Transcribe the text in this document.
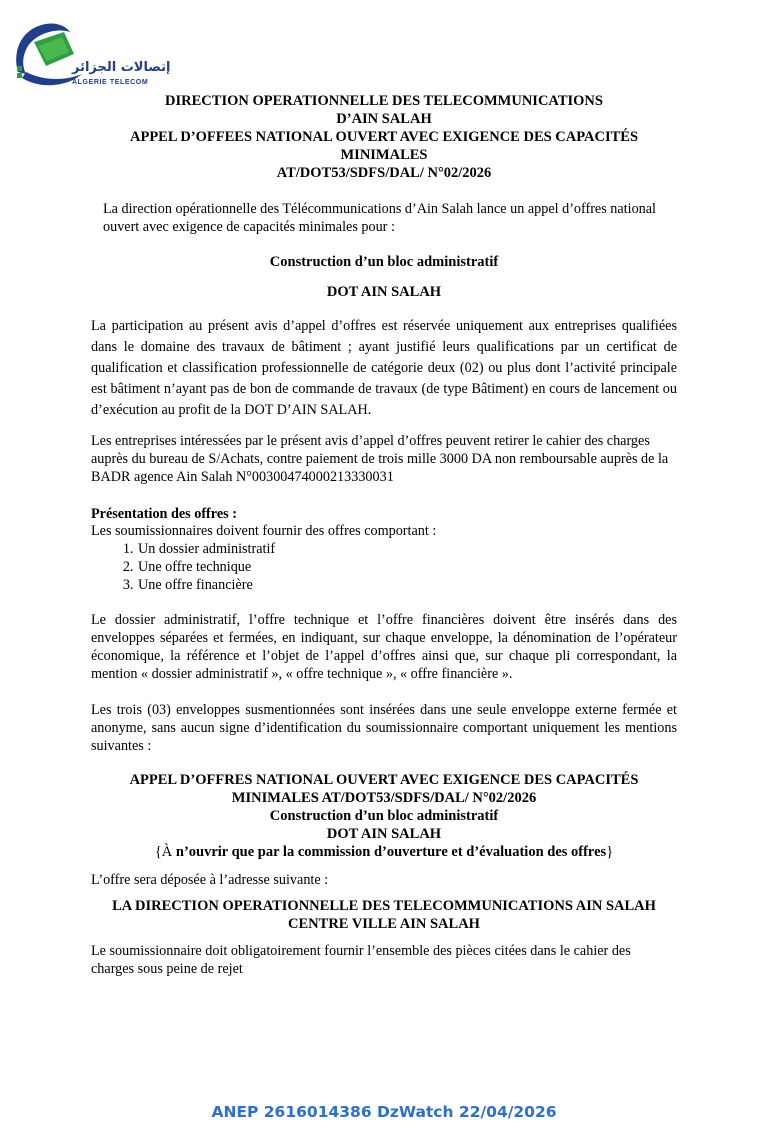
إتصالات الجزائر
ALGERIE TELECOM
DIRECTION OPERATIONNELLE DES TELECOMMUNICATIONS
D’AIN SALAH
APPEL D’OFFEES NATIONAL OUVERT AVEC EXIGENCE DES CAPACITÉS
MINIMALES
AT/DOT53/SDFS/DAL/ N°02/2026
La direction opérationnelle des Télécommunications d’Ain Salah lance un appel d’offres national ouvert avec exigence de capacités minimales pour :
Construction d’un bloc administratif
DOT AIN SALAH
La participation au présent avis d’appel d’offres est réservée uniquement aux entreprises qualifiées dans le domaine des travaux de bâtiment ; ayant justifié leurs qualifications par un certificat de qualification et classification professionnelle de catégorie deux (02) ou plus dont l’activité principale est bâtiment n’ayant pas de bon de commande de travaux (de type Bâtiment) en cours de lancement ou d’exécution au profit de la DOT D’AIN SALAH.
Les entreprises intéressées par le présent avis d’appel d’offres peuvent retirer le cahier des charges auprès du bureau de S/Achats, contre paiement de trois mille 3000 DA non remboursable auprès de la BADR agence Ain Salah N°00300474000213330031
Présentation des offres :
Les soumissionnaires doivent fournir des offres comportant :
1. Un dossier administratif
2. Une offre technique
3. Une offre financière
Le dossier administratif, l’offre technique et l’offre financières doivent être insérés dans des enveloppes séparées et fermées, en indiquant, sur chaque enveloppe, la dénomination de l’opérateur économique, la référence et l’objet de l’appel d’offres ainsi que, sur chaque pli correspondant, la mention « dossier administratif », « offre technique », « offre financière ».
Les trois (03) enveloppes susmentionnées sont insérées dans une seule enveloppe externe fermée et anonyme, sans aucun signe d’identification du soumissionnaire comportant uniquement les mentions suivantes :
APPEL D’OFFRES NATIONAL OUVERT AVEC EXIGENCE DES CAPACITÉS
MINIMALES AT/DOT53/SDFS/DAL/ N°02/2026
Construction d’un bloc administratif
DOT AIN SALAH
{À n’ouvrir que par la commission d’ouverture et d’évaluation des offres}
L’offre sera déposée à l’adresse suivante :
LA DIRECTION OPERATIONNELLE DES TELECOMMUNICATIONS AIN SALAH
CENTRE VILLE AIN SALAH
Le soumissionnaire doit obligatoirement fournir l’ensemble des pièces citées dans le cahier des charges sous peine de rejet
ANEP 2616014386 DzWatch 22/04/2026
